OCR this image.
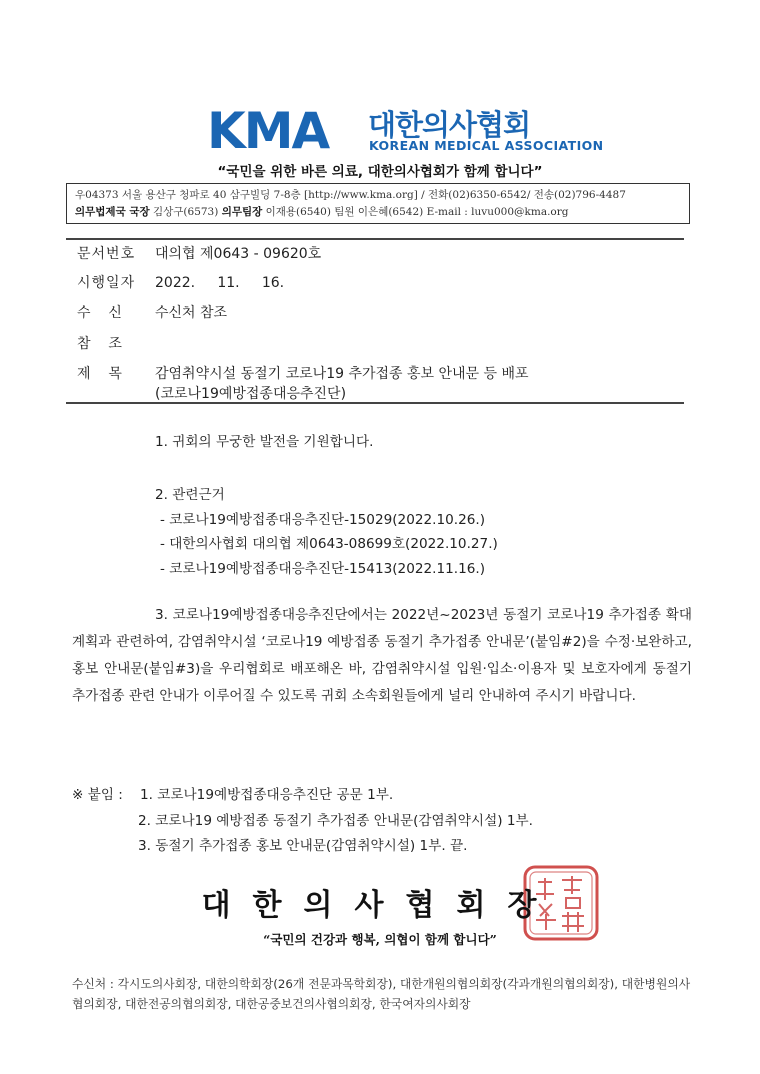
KMA 대한의사협회
KOREAN MEDICAL ASSOCIATION
“국민을 위한 바른 의료, 대한의사협회가 함께 합니다”
우04373 서울 용산구 청파로 40 삼구빌딩 7-8층 [http://www.kma.org] / 전화(02)6350-6542/ 전송(02)796-4487
의무법제국 국장 김상구(6573) 의무팀장 이재용(6540) 팀원 이은혜(6542) E-mail : luvu000@kma.org
문서번호 대의협 제0643 - 09620호
시행일자 2022.     11.     16.
수    신 수신처 참조
참    조
제    목 감염취약시설 동절기 코로나19 추가접종 홍보 안내문 등 배포
(코로나19예방접종대응추진단)
1. 귀회의 무궁한 발전을 기원합니다.
2. 관련근거
- 코로나19예방접종대응추진단-15029(2022.10.26.)
- 대한의사협회 대의협 제0643-08699호(2022.10.27.)
- 코로나19예방접종대응추진단-15413(2022.11.16.)
3. 코로나19예방접종대응추진단에서는 2022년~2023년 동절기 코로나19 추가접종 확대계획과 관련하여, 감염취약시설 ‘코로나19 예방접종 동절기 추가접종 안내문’(붙임#2)을 수정·보완하고, 홍보 안내문(붙임#3)을 우리협회로 배포해온 바, 감염취약시설 입원·입소·이용자 및 보호자에게 동절기 추가접종 관련 안내가 이루어질 수 있도록 귀회 소속회원들에게 널리 안내하여 주시기 바랍니다.
※ 붙임 : 1. 코로나19예방접종대응추진단 공문 1부.
2. 코로나19 예방접종 동절기 추가접종 안내문(감염취약시설) 1부.
3. 동절기 추가접종 홍보 안내문(감염취약시설) 1부. 끝.
대한의사협회장
“국민의 건강과 행복, 의협이 함께 합니다”
수신처 : 각시도의사회장, 대한의학회장(26개 전문과목학회장), 대한개원의협의회장(각과개원의협의회장), 대한병원의사협의회장, 대한전공의협의회장, 대한공중보건의사협의회장, 한국여자의사회장
